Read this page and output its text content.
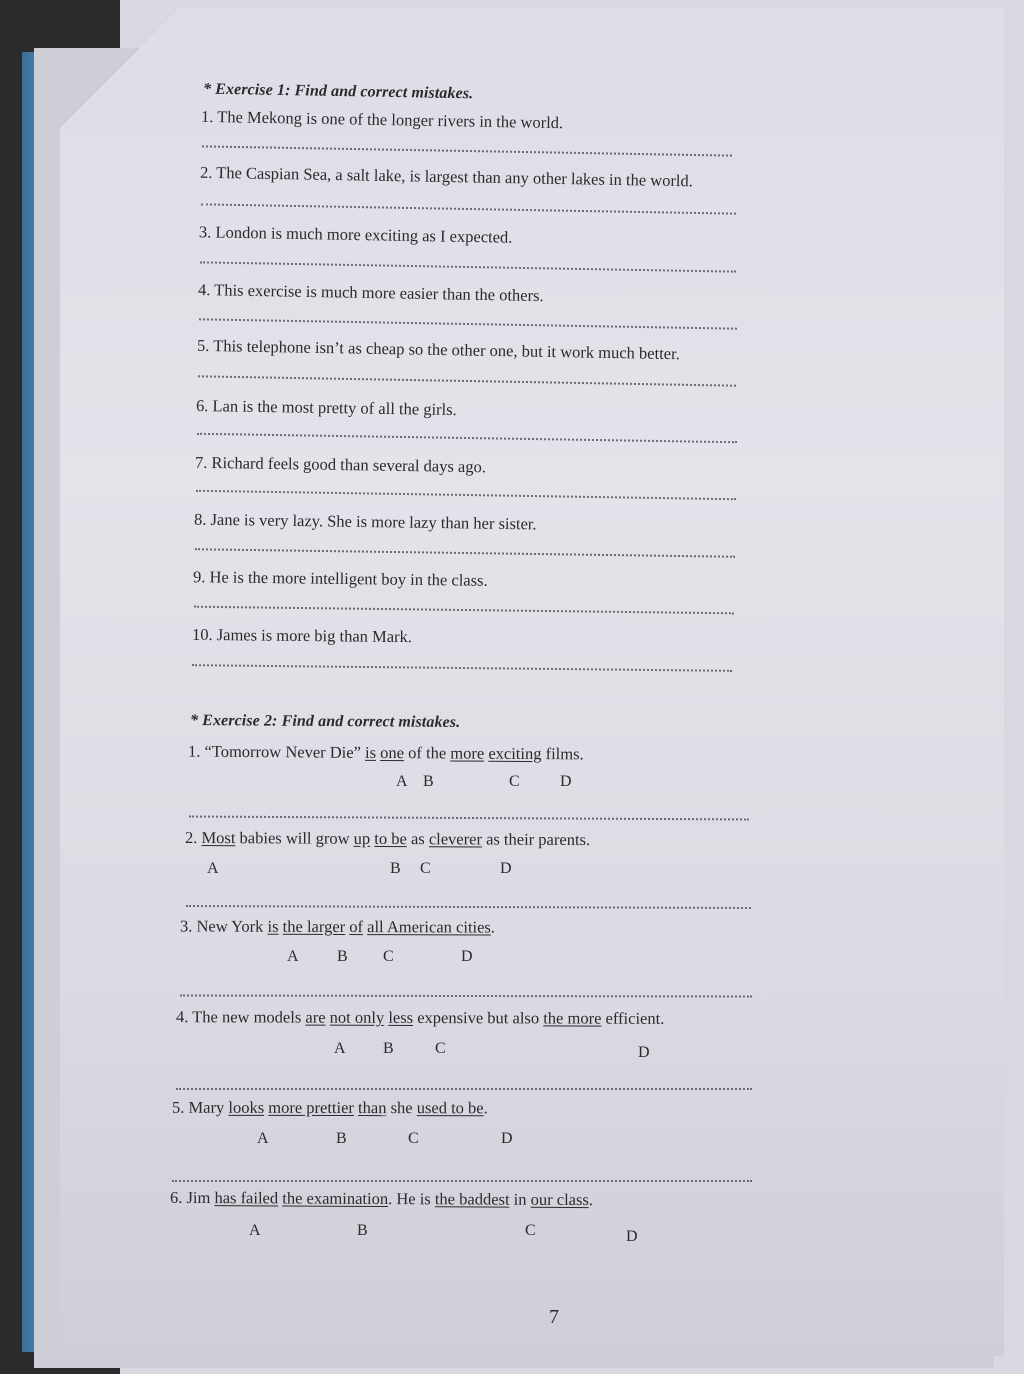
* Exercise 1: Find and correct mistakes.
1. The Mekong is one of the longer rivers in the world.
2. The Caspian Sea, a salt lake, is largest than any other lakes in the world.
3. London is much more exciting as I expected.
4. This exercise is much more easier than the others.
5. This telephone isn’t as cheap so the other one, but it work much better.
6. Lan is the most pretty of all the girls.
7. Richard feels good than several days ago.
8. Jane is very lazy. She is more lazy than her sister.
9. He is the more intelligent boy in the class.
10. James is more big than Mark.
* Exercise 2: Find and correct mistakes.
1. “Tomorrow Never Die” is one of the more exciting films.
A B	C	D
2. Most babies will grow up to be as cleverer as their parents.
A	B C	D
3. New York is the larger of all American cities.
A B C	D
4. The new models are not only less expensive but also the more efficient.
A B	C	D
5. Mary looks more prettier than she used to be.
A	B	C	D
6. Jim has failed the examination. He is the baddest in our class.
A	B	C	D
7
